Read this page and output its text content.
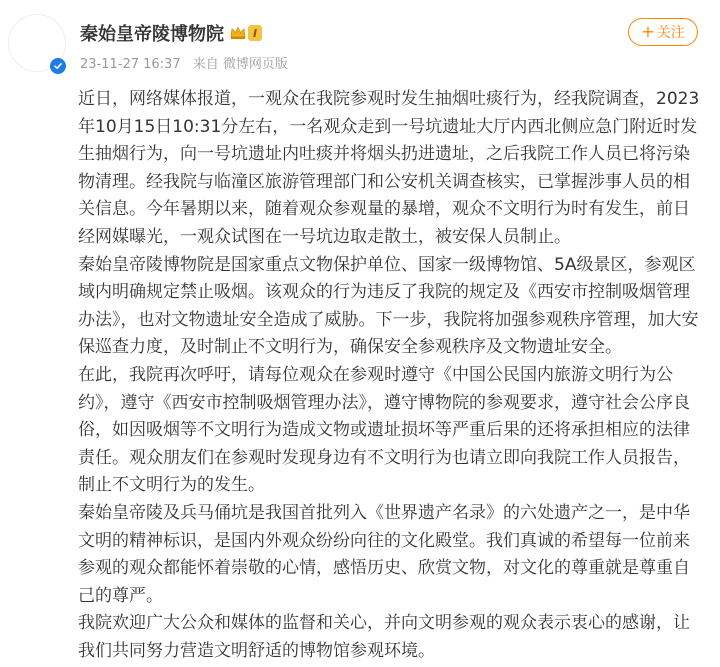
秦始皇帝陵博物院	I
23-11-27 16:37 来自 微博网页版
+ 关注

近日，网络媒体报道，一观众在我院参观时发生抽烟吐痰行为，经我院调查，2023年10月15日10:31分左右，一名观众走到一号坑遗址大厅内西北侧应急门附近时发生抽烟行为，向一号坑遗址内吐痰并将烟头扔进遗址，之后我院工作人员已将污染物清理。经我院与临潼区旅游管理部门和公安机关调查核实，已掌握涉事人员的相关信息。今年暑期以来，随着观众参观量的暴增，观众不文明行为时有发生，前日经网媒曝光，一观众试图在一号坑边取走散土，被安保人员制止。

秦始皇帝陵博物院是国家重点文物保护单位、国家一级博物馆、5A级景区，参观区域内明确规定禁止吸烟。该观众的行为违反了我院的规定及《西安市控制吸烟管理办法》，也对文物遗址安全造成了威胁。下一步，我院将加强参观秩序管理，加大安保巡查力度，及时制止不文明行为，确保安全参观秩序及文物遗址安全。

在此，我院再次呼吁，请每位观众在参观时遵守《中国公民国内旅游文明行为公约》，遵守《西安市控制吸烟管理办法》，遵守博物院的参观要求，遵守社会公序良俗，如因吸烟等不文明行为造成文物或遗址损坏等严重后果的还将承担相应的法律责任。观众朋友们在参观时发现身边有不文明行为也请立即向我院工作人员报告，制止不文明行为的发生。

秦始皇帝陵及兵马俑坑是我国首批列入《世界遗产名录》的六处遗产之一，是中华文明的精神标识，是国内外观众纷纷向往的文化殿堂。我们真诚的希望每一位前来参观的观众都能怀着崇敬的心情，感悟历史、欣赏文物，对文化的尊重就是尊重自己的尊严。

我院欢迎广大公众和媒体的监督和关心，并向文明参观的观众表示衷心的感谢，让我们共同努力营造文明舒适的博物馆参观环境。
